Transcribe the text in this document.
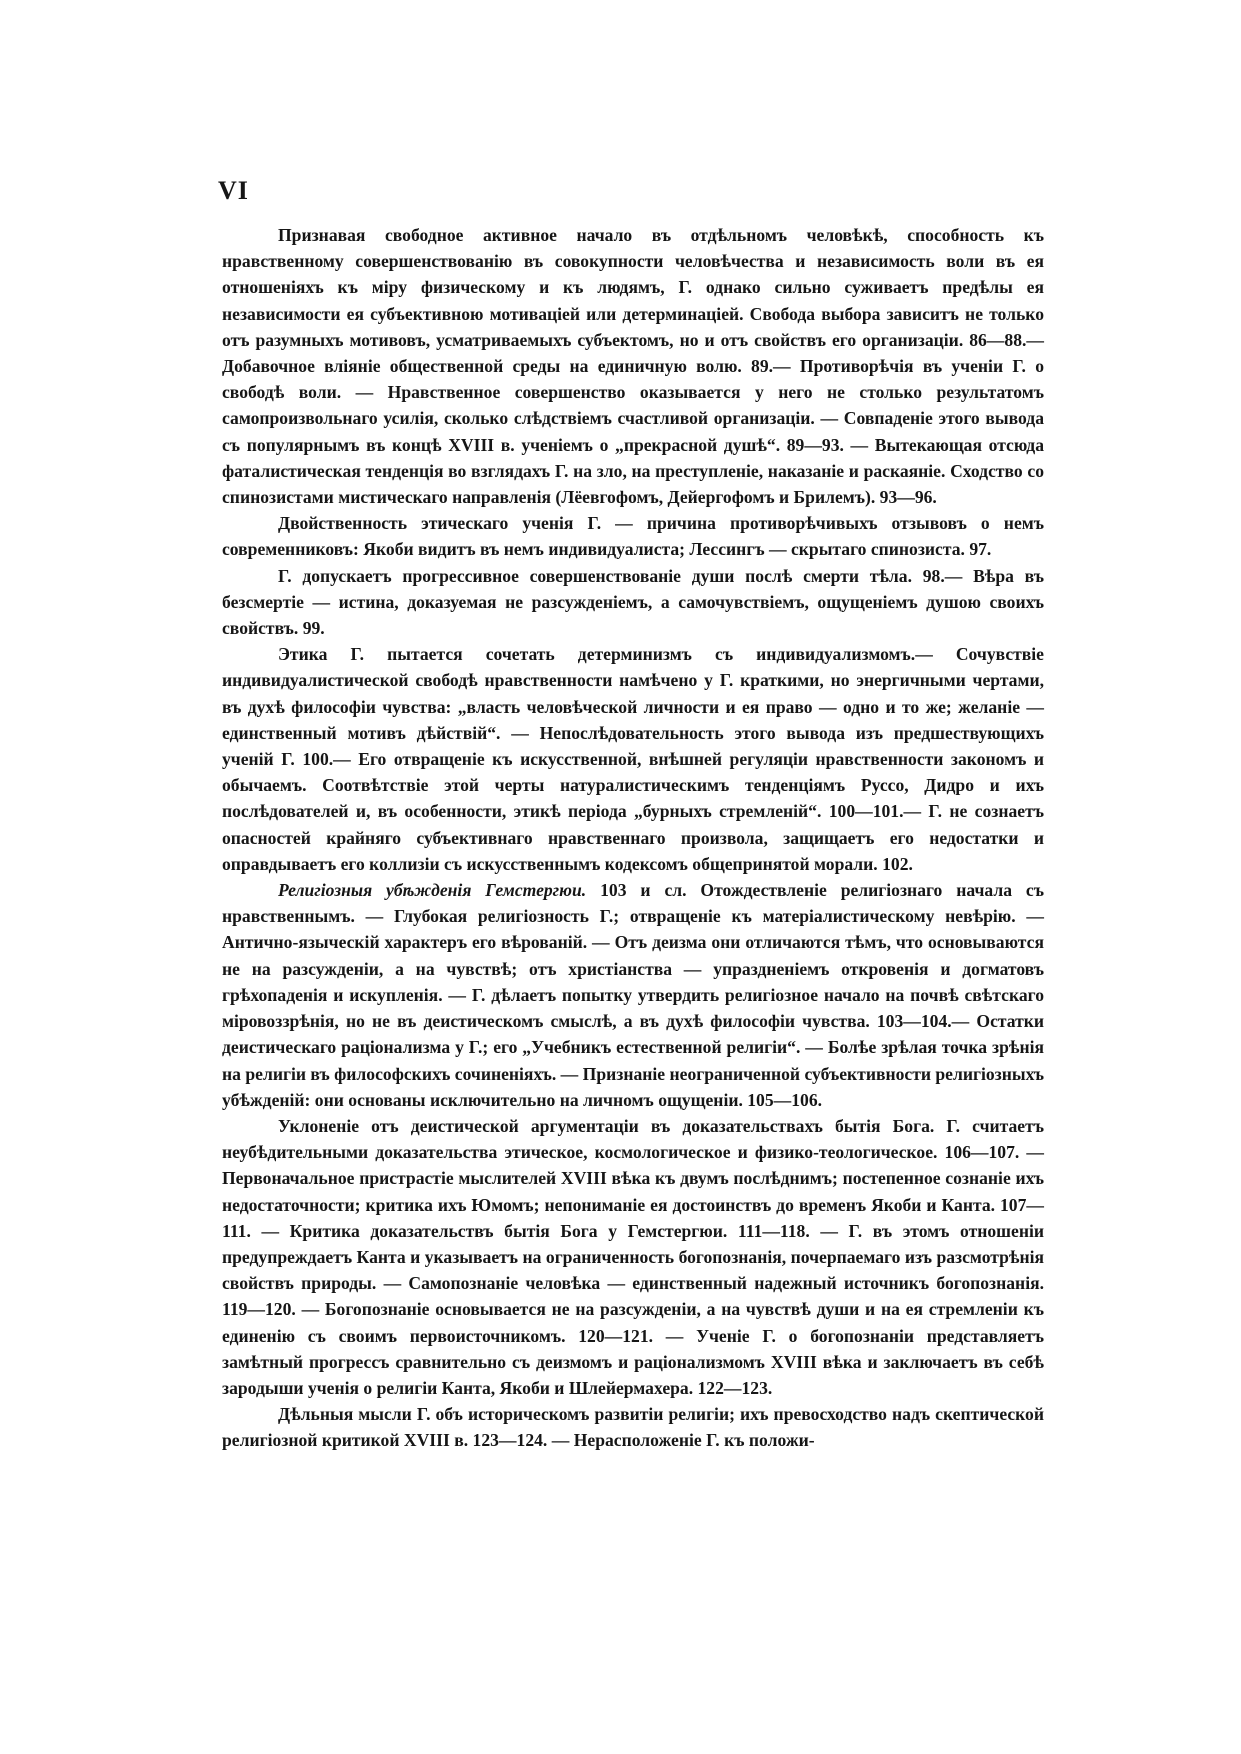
VI

Признавая свободное активное начало въ отдѣльномъ человѣкѣ, способность къ нравственному совершенствованію въ совокупности человѣчества и независимость воли въ ея отношеніяхъ къ міру физическому и къ людямъ, Г. однако сильно суживаетъ предѣлы ея независимости ея субъективною мотиваціей или детерминаціей. Свобода выбора зависитъ не только отъ разумныхъ мотивовъ, усматриваемыхъ субъектомъ, но и отъ свойствъ его организаціи. 86—88.— Добавочное вліяніе общественной среды на единичную волю. 89.— Противорѣчія въ ученіи Г. о свободѣ воли. — Нравственное совершенство оказывается у него не столько результатомъ самопроизвольнаго усилія, сколько слѣдствіемъ счастливой организаціи. — Совпаденіе этого вывода съ популярнымъ въ концѣ XVIII в. ученіемъ о „прекрасной душѣ“. 89—93. — Вытекающая отсюда фаталистическая тенденція во взглядахъ Г. на зло, на преступленіе, наказаніе и раскаяніе. Сходство со спинозистами мистическаго направленія (Лёевгофомъ, Дейергофомъ и Брилемъ). 93—96.

Двойственность этическаго ученія Г. — причина противорѣчивыхъ отзывовъ о немъ современниковъ: Якоби видитъ въ немъ индивидуалиста; Лессингъ — скрытаго спинозиста. 97.

Г. допускаетъ прогрессивное совершенствованіе души послѣ смерти тѣла. 98.— Вѣра въ безсмертіе — истина, доказуемая не разсужденіемъ, а самочувствіемъ, ощущеніемъ душою своихъ свойствъ. 99.

Этика Г. пытается сочетать детерминизмъ съ индивидуализмомъ.— Сочувствіе индивидуалистической свободѣ нравственности намѣчено у Г. краткими, но энергичными чертами, въ духѣ философіи чувства: „власть человѣческой личности и ея право — одно и то же; желаніе — единственный мотивъ дѣйствій“. — Непослѣдовательность этого вывода изъ предшествующихъ ученій Г. 100.— Его отвращеніе къ искусственной, внѣшней регуляціи нравственности закономъ и обычаемъ. Соотвѣтствіе этой черты натуралистическимъ тенденціямъ Руссо, Дидро и ихъ послѣдователей и, въ особенности, этикѣ періода „бурныхъ стремленій“. 100—101.— Г. не сознаетъ опасностей крайняго субъективнаго нравственнаго произвола, защищаетъ его недостатки и оправдываетъ его коллизіи съ искусственнымъ кодексомъ общепринятой морали. 102.

Религіозныя убѣжденія Гемстергюи. 103 и сл. Отождествленіе религіознаго начала съ нравственнымъ. — Глубокая религіозность Г.; отвращеніе къ матеріалистическому невѣрію. — Антично-языческій характеръ его вѣрованій. — Отъ деизма они отличаются тѣмъ, что основываются не на разсужденіи, а на чувствѣ; отъ христіанства — упраздненіемъ откровенія и догматовъ грѣхопаденія и искупленія. — Г. дѣлаетъ попытку утвердить религіозное начало на почвѣ свѣтскаго міровоззрѣнія, но не въ деистическомъ смыслѣ, а въ духѣ философіи чувства. 103—104.— Остатки деистическаго раціонализма у Г.; его „Учебникъ естественной религіи“. — Болѣе зрѣлая точка зрѣнія на религіи въ философскихъ сочиненіяхъ. — Признаніе неограниченной субъективности религіозныхъ убѣжденій: они основаны исключительно на личномъ ощущеніи. 105—106.

Уклоненіе отъ деистической аргументаціи въ доказательствахъ бытія Бога. Г. считаетъ неубѣдительными доказательства этическое, космологическое и физико-теологическое. 106—107. — Первоначальное пристрастіе мыслителей XVIII вѣка къ двумъ послѣднимъ; постепенное сознаніе ихъ недостаточности; критика ихъ Юмомъ; непониманіе ея достоинствъ до временъ Якоби и Канта. 107—111. — Критика доказательствъ бытія Бога у Гемстергюи. 111—118. — Г. въ этомъ отношеніи предупреждаетъ Канта и указываетъ на ограниченность богопознанія, почерпаемаго изъ разсмотрѣнія свойствъ природы. — Самопознаніе человѣка — единственный надежный источникъ богопознанія. 119—120. — Богопознаніе основывается не на разсужденіи, а на чувствѣ души и на ея стремленіи къ единенію съ своимъ первоисточникомъ. 120—121. — Ученіе Г. о богопознаніи представляетъ замѣтный прогрессъ сравнительно съ деизмомъ и раціонализмомъ XVIII вѣка и заключаетъ въ себѣ зародыши ученія о религіи Канта, Якоби и Шлейермахера. 122—123.

Дѣльныя мысли Г. объ историческомъ развитіи религіи; ихъ превосходство надъ скептической религіозной критикой XVIII в. 123—124. — Нерасположеніе Г. къ положи-
